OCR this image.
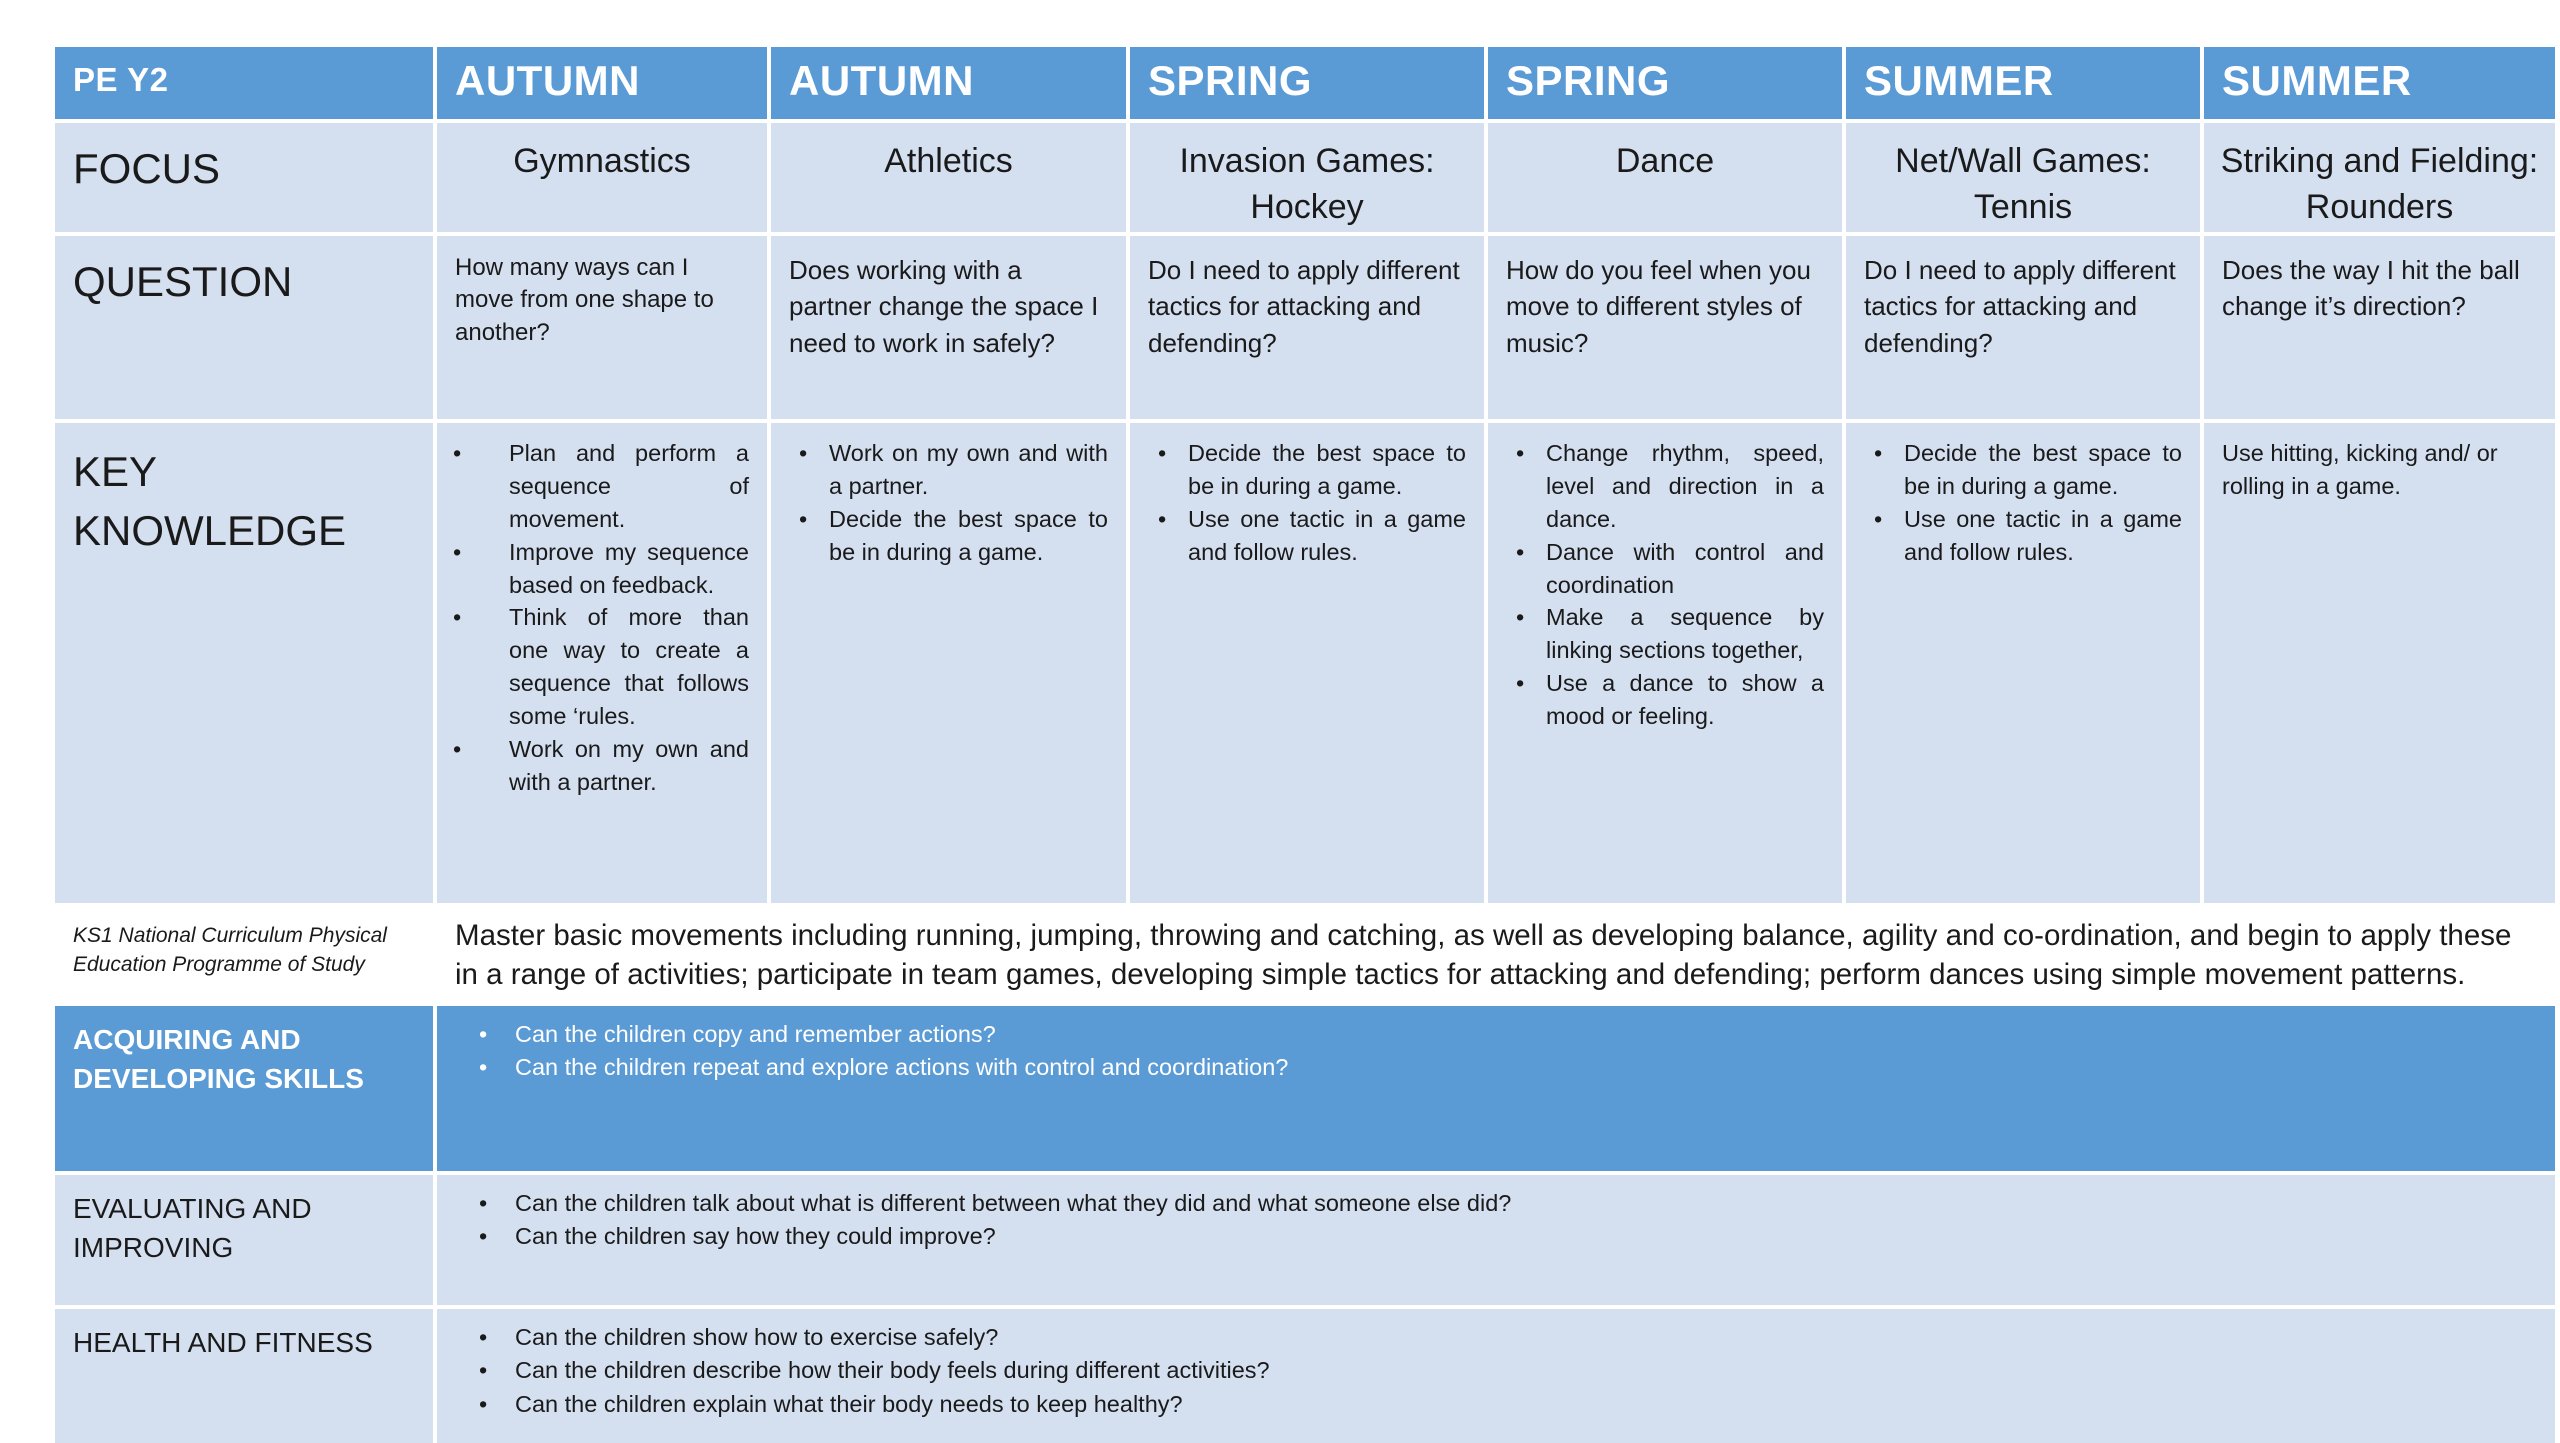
PE Y2	AUTUMN	AUTUMN	SPRING	SPRING	SUMMER	SUMMER
FOCUS	Gymnastics	Athletics	Invasion Games: Hockey
Dance	Net/Wall Games: Tennis
Striking and Fielding: Rounders
QUESTION	How many ways can I move from one shape to another?
Does working with a partner change the space I need to work in safely?
Do I need to apply different tactics for attacking and defending?
How do you feel when you move to different styles of music?
Do I need to apply different tactics for attacking and defending?
Does the way I hit the ball change it’s direction?
KEY KNOWLEDGE
• Plan and perform a sequence of movement.
• Improve my sequence based on feedback.
• Think of more than one way to create a sequence that follows some ‘rules.
• Work on my own and with a partner.
• Work on my own and with a partner.
• Decide the best space to be in during a game.
• Decide the best space to be in during a game.
• Use one tactic in a game and follow rules.
• Change rhythm, speed, level and direction in a dance.
• Dance with control and coordination
• Make a sequence by linking sections together,
• Use a dance to show a mood or feeling.
• Decide the best space to be in during a game.
• Use one tactic in a game and follow rules.
Use hitting, kicking and/ or rolling in a game.
KS1 National Curriculum Physical Education Programme of Study
Master basic movements including running, jumping, throwing and catching, as well as developing balance, agility and co-ordination, and begin to apply these in a range of activities; participate in team games, developing simple tactics for attacking and defending; perform dances using simple movement patterns.
ACQUIRING AND DEVELOPING SKILLS
• Can the children copy and remember actions?
• Can the children repeat and explore actions with control and coordination?
EVALUATING AND IMPROVING
• Can the children talk about what is different between what they did and what someone else did?
• Can the children say how they could improve?
HEALTH AND FITNESS
•	Can the children show how to exercise safely?
• Can the children describe how their body feels during different activities?
• Can the children explain what their body needs to keep healthy?
